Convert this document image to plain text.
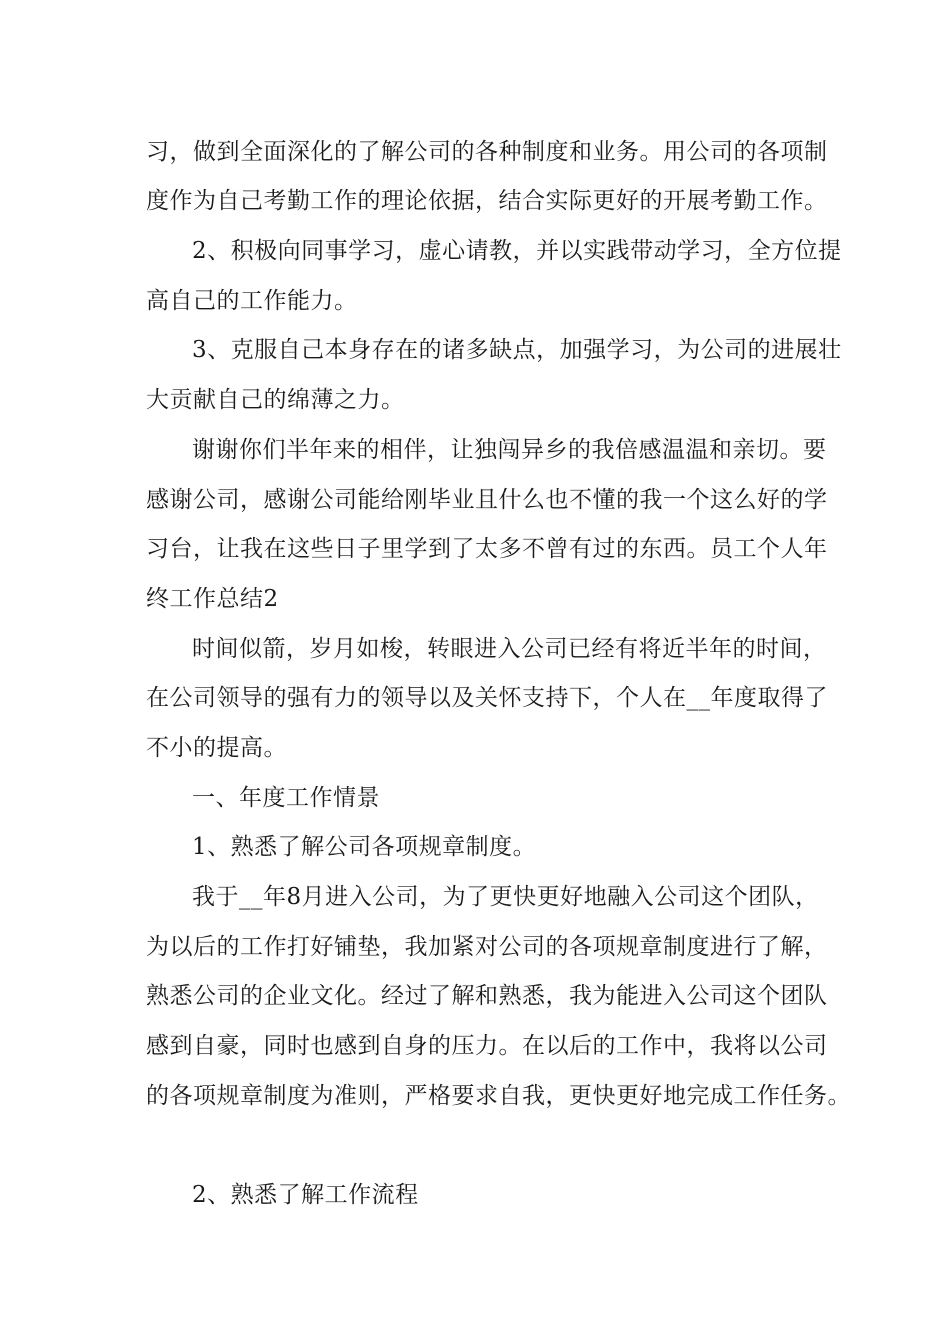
习，做到全面深化的了解公司的各种制度和业务。用公司的各项制
度作为自己考勤工作的理论依据，结合实际更好的开展考勤工作。
2、积极向同事学习，虚心请教，并以实践带动学习，全方位提
高自己的工作能力。
3、克服自己本身存在的诸多缺点，加强学习，为公司的进展壮
大贡献自己的绵薄之力。
谢谢你们半年来的相伴，让独闯异乡的我倍感温温和亲切。要
感谢公司，感谢公司能给刚毕业且什么也不懂的我一个这么好的学
习台，让我在这些日子里学到了太多不曾有过的东西。员工个人年
终工作总结2
时间似箭，岁月如梭，转眼进入公司已经有将近半年的时间，
在公司领导的强有力的领导以及关怀支持下，个人在__年度取得了
不小的提高。
一、年度工作情景
1、熟悉了解公司各项规章制度。
我于__年8月进入公司，为了更快更好地融入公司这个团队，
为以后的工作打好铺垫，我加紧对公司的各项规章制度进行了解，
熟悉公司的企业文化。经过了解和熟悉，我为能进入公司这个团队
感到自豪，同时也感到自身的压力。在以后的工作中，我将以公司
的各项规章制度为准则，严格要求自我，更快更好地完成工作任务。
2、熟悉了解工作流程
